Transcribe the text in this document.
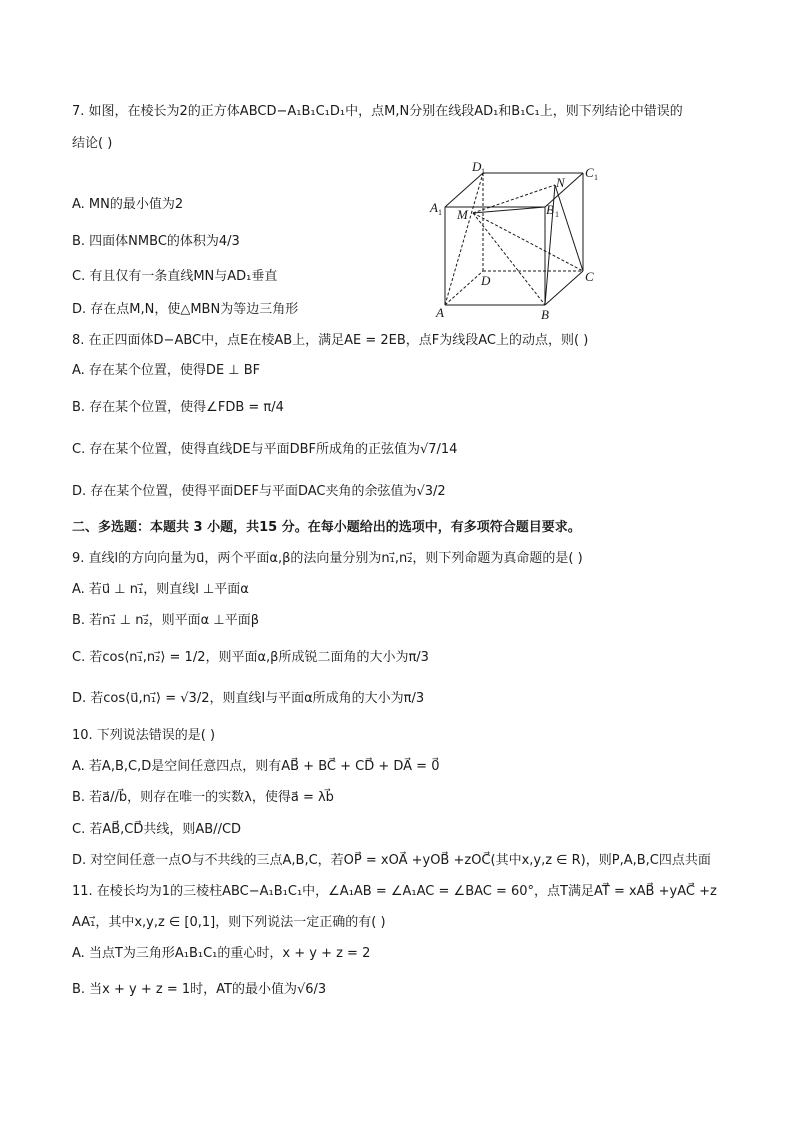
7. 如图，在棱长为2的正方体ABCD−A₁B₁C₁D₁中，点M,N分别在线段AD₁和B₁C₁上，则下列结论中错误的
结论( )
A. MN的最小值为2
B. 四面体NMBC的体积为4/3
C. 有且仅有一条直线MN与AD₁垂直
D. 存在点M,N，使△MBN为等边三角形
8. 在正四面体D−ABC中，点E在棱AB上，满足AE = 2EB，点F为线段AC上的动点，则( )
A. 存在某个位置，使得DE ⊥ BF
B. 存在某个位置，使得∠FDB = π/4
C. 存在某个位置，使得直线DE与平面DBF所成角的正弦值为√7/14
D. 存在某个位置，使得平面DEF与平面DAC夹角的余弦值为√3/2
二、多选题：本题共 3 小题，共15 分。在每小题给出的选项中，有多项符合题目要求。
9. 直线l的方向向量为u⃗，两个平面α,β的法向量分别为n₁⃗,n₂⃗，则下列命题为真命题的是( )
A. 若u⃗ ⊥ n₁⃗，则直线l ⊥平面α
B. 若n₁⃗ ⊥ n₂⃗，则平面α ⊥平面β
C. 若cos⟨n₁⃗,n₂⃗⟩ = 1/2，则平面α,β所成锐二面角的大小为π/3
D. 若cos⟨u⃗,n₁⃗⟩ = √3/2，则直线l与平面α所成角的大小为π/3
10. 下列说法错误的是( )
A. 若A,B,C,D是空间任意四点，则有AB⃗ + BC⃗ + CD⃗ + DA⃗ = 0⃗
B. 若a⃗//b⃗，则存在唯一的实数λ，使得a⃗ = λb⃗
C. 若AB⃗,CD⃗共线，则AB//CD
D. 对空间任意一点O与不共线的三点A,B,C，若OP⃗ = xOA⃗ +yOB⃗ +zOC⃗(其中x,y,z ∈ R)，则P,A,B,C四点共面
11. 在棱长均为1的三棱柱ABC−A₁B₁C₁中，∠A₁AB = ∠A₁AC = ∠BAC = 60°，点T满足AT⃗ = xAB⃗ +yAC⃗ +z
AA₁⃗，其中x,y,z ∈ [0,1]，则下列说法一定正确的有( )
A. 当点T为三角形A₁B₁C₁的重心时，x + y + z = 2
B. 当x + y + z = 1时，AT的最小值为√6/3
D 1	C 1
N
A 1 M	B 1
D	C
A	B
